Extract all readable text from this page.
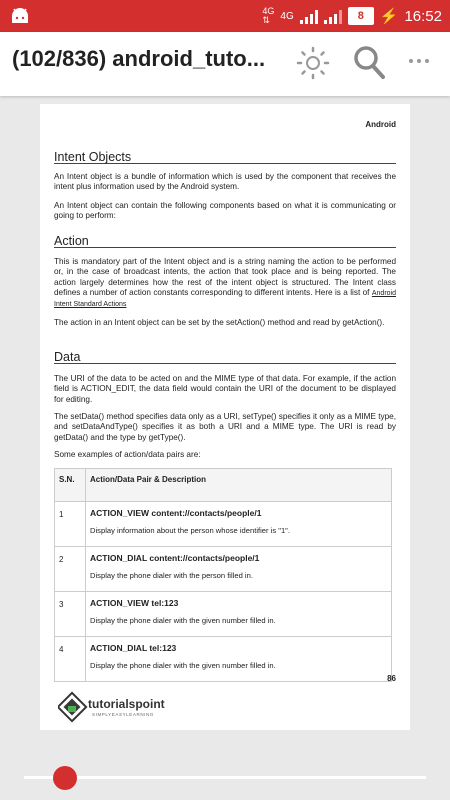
4G
⇅	4G	8	⚡ 16:52
(102/836) android_tuto...
Android
Intent Objects
An Intent object is a bundle of information which is used by the component that receives the intent plus information used by the Android system.
An Intent object can contain the following components based on what it is communicating or going to perform:
Action
This is mandatory part of the Intent object and is a string naming the action to be performed or, in the case of broadcast intents, the action that took place and is being reported. The action largely determines how the rest of the intent object is structured. The Intent class defines a number of action constants corresponding to different intents. Here is a list of Android Intent Standard Actions
The action in an Intent object can be set by the setAction() method and read by getAction().
Data
The URI of the data to be acted on and the MIME type of that data. For example, if the action field is ACTION_EDIT, the data field would contain the URI of the document to be displayed for editing.
The setData() method specifies data only as a URI, setType() specifies it only as a MIME type, and setDataAndType() specifies it as both a URI and a MIME type. The URI is read by getData() and the type by getType().
Some examples of action/data pairs are:
S.N.	Action/Data Pair & Description
1	ACTION_VIEW content://contacts/people/1
Display information about the person whose identifier is "1".

2	ACTION_DIAL content://contacts/people/1
Display the phone dialer with the person filled in.

3	ACTION_VIEW tel:123
Display the phone dialer with the given number filled in.

4	ACTION_DIAL tel:123
Display the phone dialer with the given number filled in.
86
tutorialspoint
SIMPLYEASYLEARNING
